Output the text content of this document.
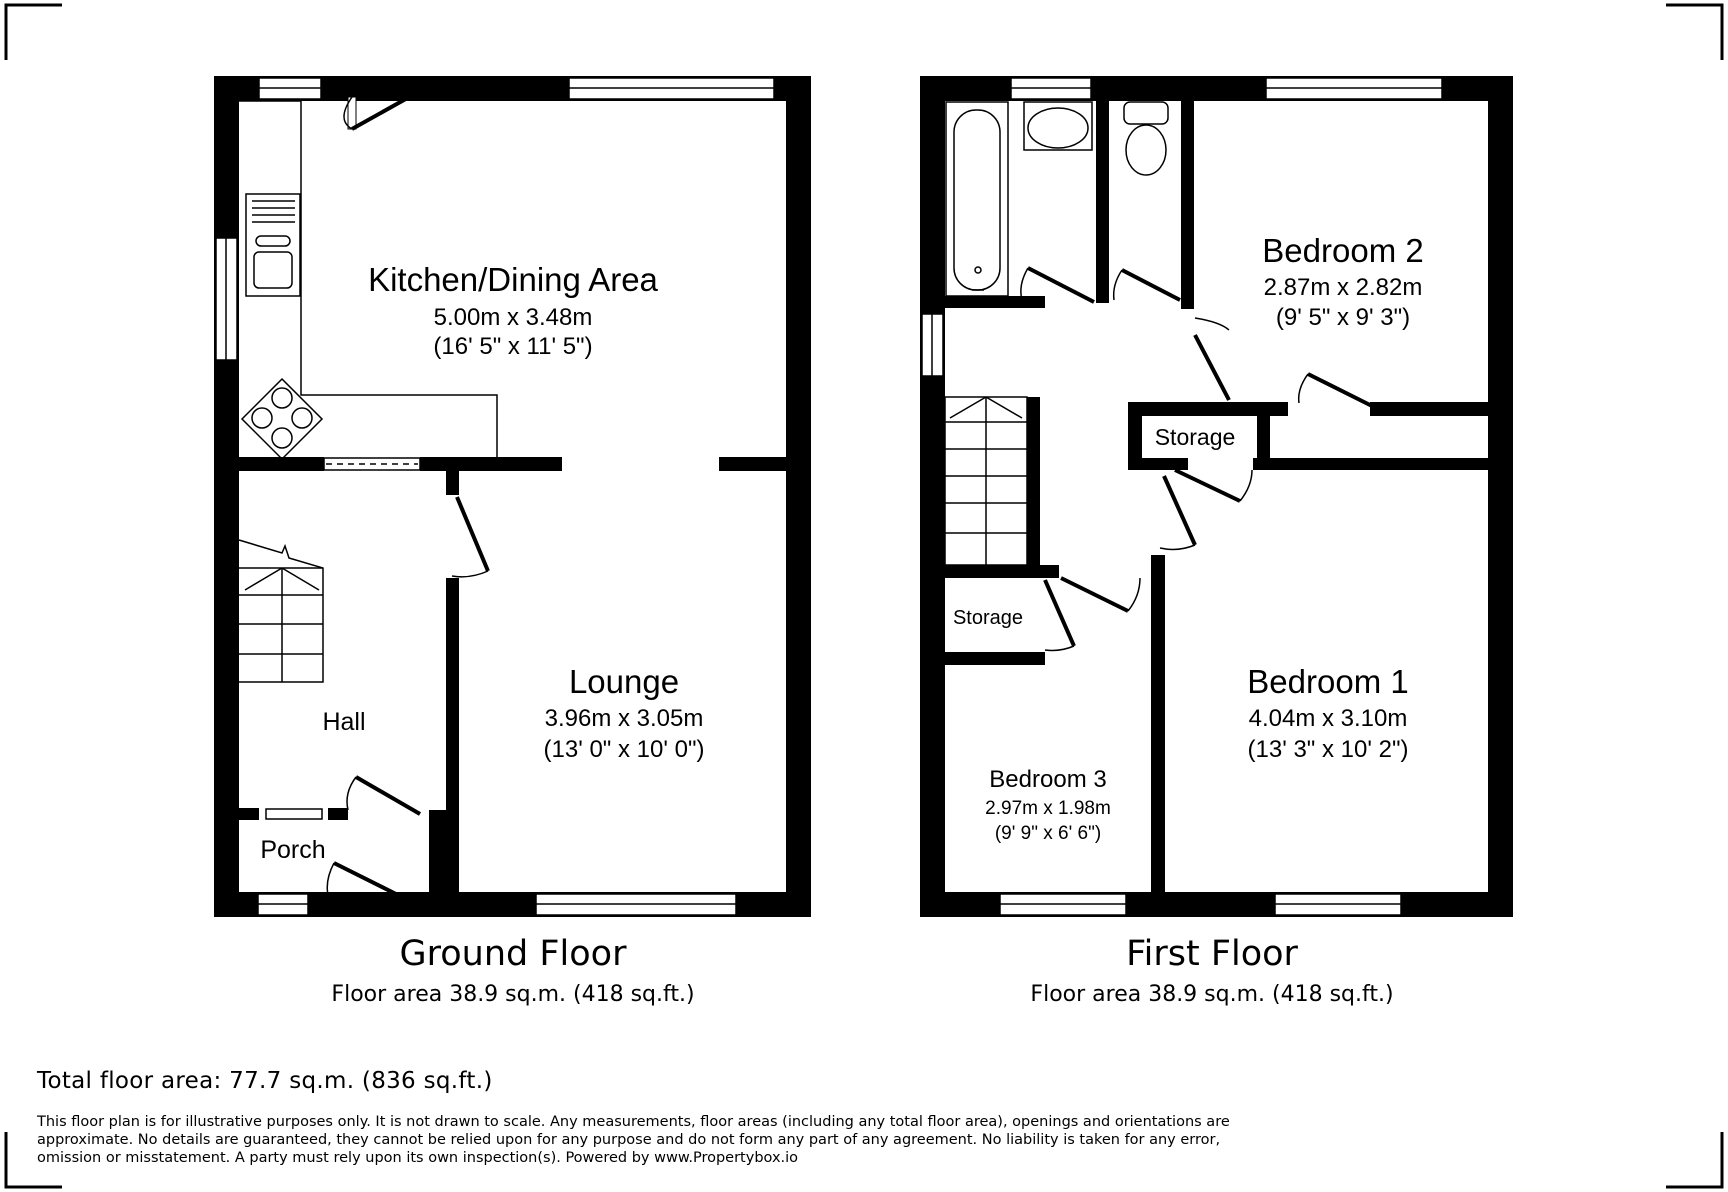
Kitchen/Dining Area
5.00m x 3.48m
(16' 5" x 11' 5")
Lounge
3.96m x 3.05m
(13' 0" x 10' 0")
Hall
Porch
Bedroom 2
2.87m x 2.82m
(9' 5" x 9' 3")
Bedroom 1
4.04m x 3.10m
(13' 3" x 10' 2")
Bedroom 3
2.97m x 1.98m
(9' 9" x 6' 6")
Storage
Storage
Ground Floor
Floor area 38.9 sq.m. (418 sq.ft.)
First Floor
Floor area 38.9 sq.m. (418 sq.ft.)
Total floor area: 77.7 sq.m. (836 sq.ft.)
This floor plan is for illustrative purposes only. It is not drawn to scale. Any measurements, floor areas (including any total floor area), openings and orientations are approximate. No details are guaranteed, they cannot be relied upon for any purpose and do not form any part of any agreement. No liability is taken for any error, omission or misstatement. A party must rely upon its own inspection(s). Powered by www.Propertybox.io
